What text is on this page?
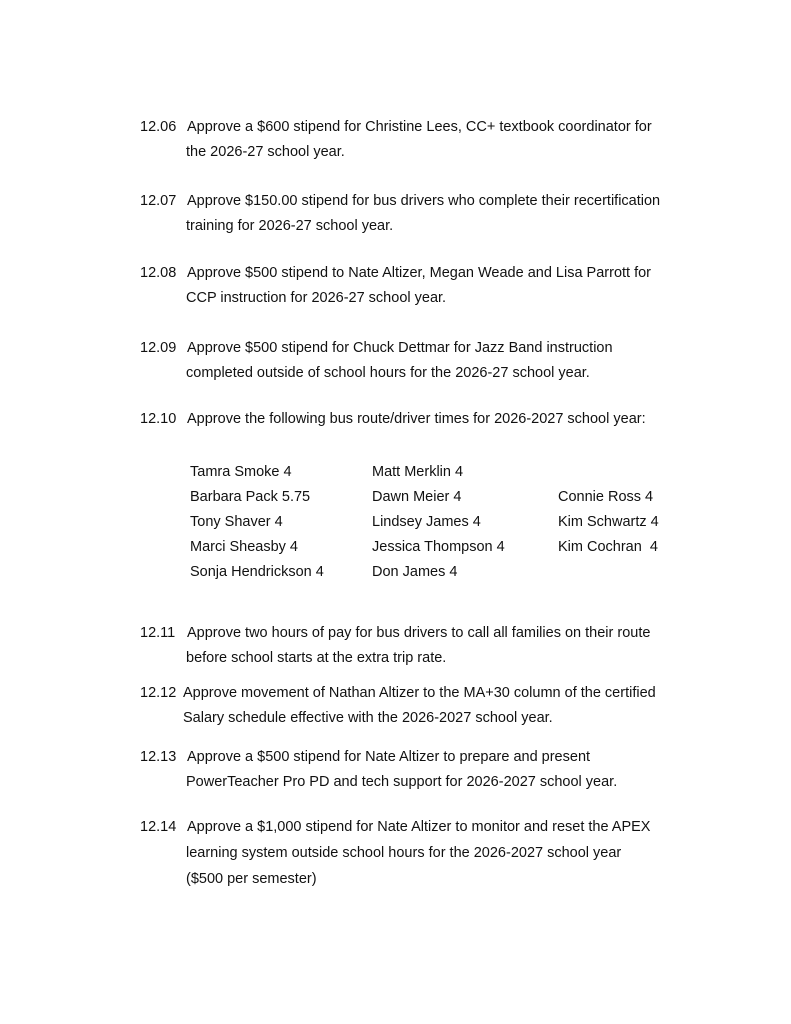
12.06 Approve a $600 stipend for Christine Lees, CC+ textbook coordinator for
the 2026-27 school year.
12.07 Approve $150.00 stipend for bus drivers who complete their recertification
training for 2026-27 school year.
12.08 Approve $500 stipend to Nate Altizer, Megan Weade and Lisa Parrott for
CCP instruction for 2026-27 school year.
12.09 Approve $500 stipend for Chuck Dettmar for Jazz Band instruction
completed outside of school hours for the 2026-27 school year.
12.10 Approve the following bus route/driver times for 2026-2027 school year:
Tamra Smoke 4
Barbara Pack 5.75
Tony Shaver 4
Marci Sheasby 4
Sonja Hendrickson 4
Matt Merklin 4
Dawn Meier 4
Lindsey James 4
Jessica Thompson 4
Don James 4
Connie Ross 4
Kim Schwartz 4
Kim Cochran  4
12.11 Approve two hours of pay for bus drivers to call all families on their route
before school starts at the extra trip rate.
12.12 Approve movement of Nathan Altizer to the MA+30 column of the certified
Salary schedule effective with the 2026-2027 school year.
12.13 Approve a $500 stipend for Nate Altizer to prepare and present
PowerTeacher Pro PD and tech support for 2026-2027 school year.
12.14 Approve a $1,000 stipend for Nate Altizer to monitor and reset the APEX
learning system outside school hours for the 2026-2027 school year
($500 per semester)
